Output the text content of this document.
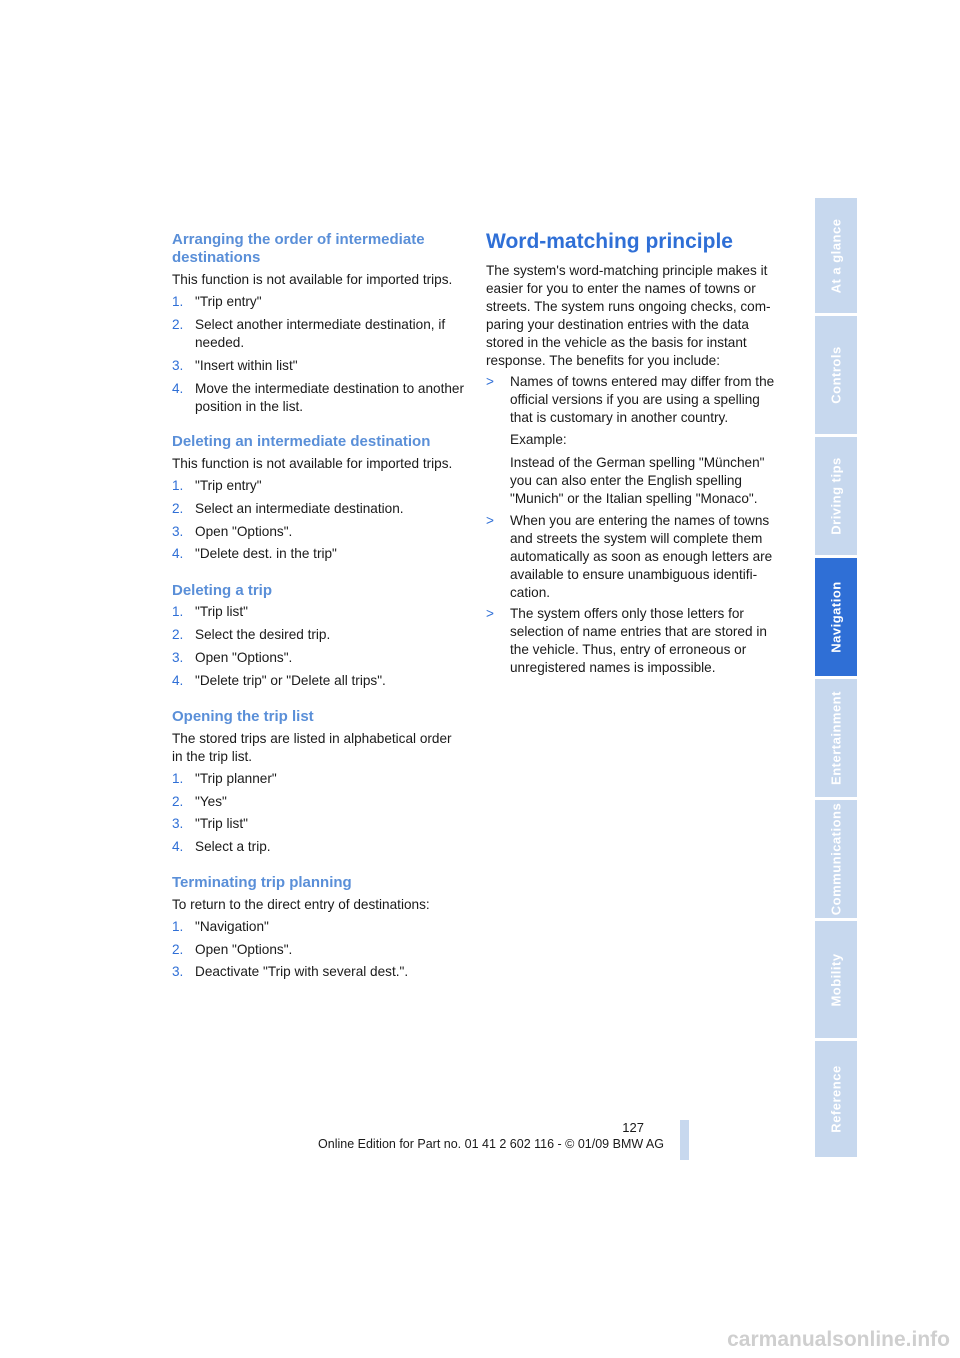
Arranging the order of intermediate destinations
This function is not available for imported trips.
1. "Trip entry"
2. Select another intermediate destination, if needed.
3. "Insert within list"
4. Move the intermediate destination to another position in the list.
Deleting an intermediate destination
This function is not available for imported trips.
1. "Trip entry"
2. Select an intermediate destination.
3. Open "Options".
4. "Delete dest. in the trip"
Deleting a trip
1. "Trip list"
2. Select the desired trip.
3. Open "Options".
4. "Delete trip" or "Delete all trips".
Opening the trip list
The stored trips are listed in alphabetical order in the trip list.
1. "Trip planner"
2. "Yes"
3. "Trip list"
4. Select a trip.
Terminating trip planning
To return to the direct entry of destinations:
1. "Navigation"
2. Open "Options".
3. Deactivate "Trip with several dest.".
Word-matching principle
The system's word-matching principle makes it easier for you to enter the names of towns or streets. The system runs ongoing checks, com-paring your destination entries with the data stored in the vehicle as the basis for instant response. The benefits for you include:
> Names of towns entered may differ from the official versions if you are using a spelling that is customary in another country.
Example:
Instead of the German spelling "München" you can also enter the English spelling "Munich" or the Italian spelling "Monaco".
> When you are entering the names of towns and streets the system will complete them automatically as soon as enough letters are available to ensure unambiguous identifi-cation.
> The system offers only those letters for selection of name entries that are stored in the vehicle. Thus, entry of erroneous or unregistered names is impossible.
At a glance
Controls
Driving tips
Navigation
Entertainment
Communications
Mobility
Reference
127
Online Edition for Part no. 01 41 2 602 116 - © 01/09 BMW AG
carmanualsonline.info
